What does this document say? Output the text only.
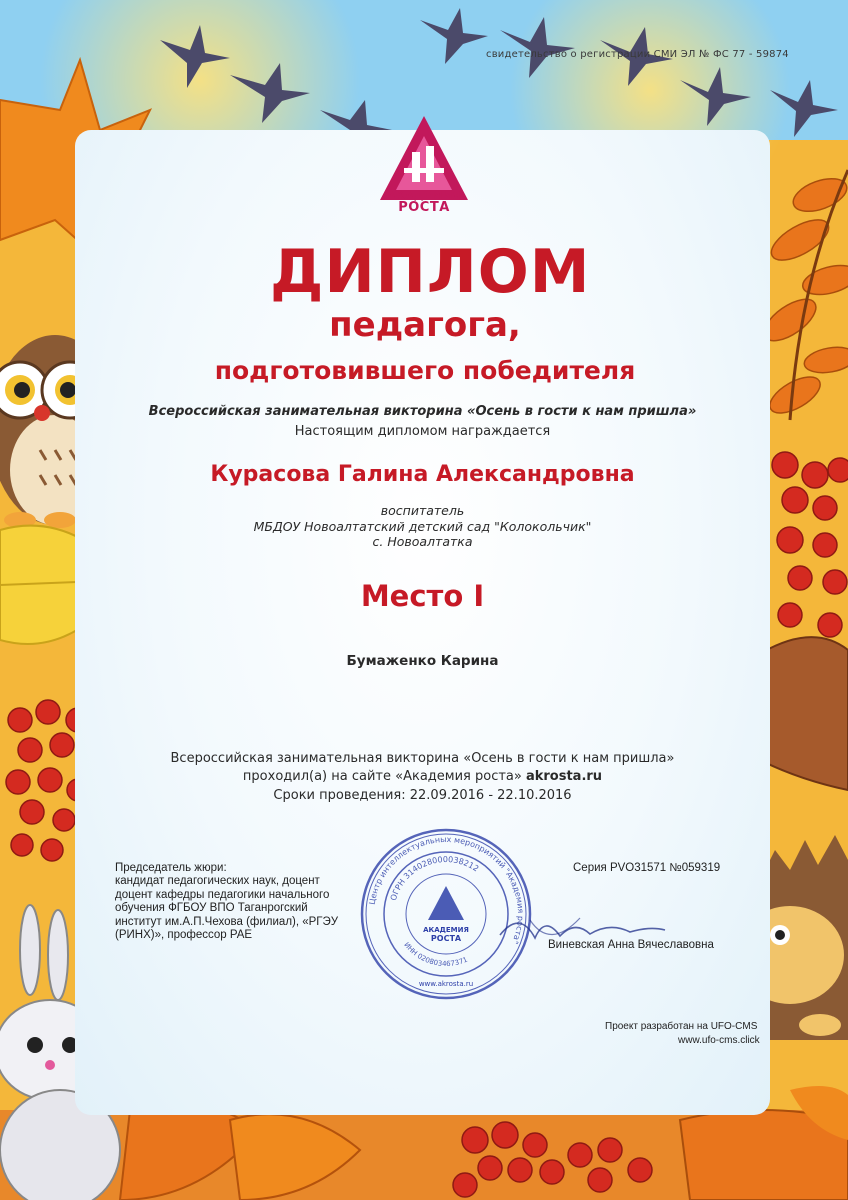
свидетельство о регистрации СМИ ЭЛ № ФС 77 - 59874
АКАДЕМИЯ
РОСТА
ДИПЛОМ
педагога,
подготовившего победителя
Всероссийская занимательная викторина «Осень в гости к нам пришла»
Настоящим дипломом награждается
Курасова Галина Александровна
воспитатель
МБДОУ Новоалтатский детский сад "Колокольчик"
с. Новоалтатка
Место I
Бумаженко Карина
Всероссийская занимательная викторина «Осень в гости к нам пришла»
проходил(а) на сайте «Академия роста» akrosta.ru
Сроки проведения: 22.09.2016 - 22.10.2016
Председатель жюри:
кандидат педагогических наук, доцент
доцент кафедры педагогики начального
обучения ФГБОУ ВПО Таганрогский
институт им.А.П.Чехова (филиал), «РГЭУ
(РИНХ)», профессор РАЕ
Серия PVO31571 №059319
Центр интеллектуальных мероприятий "Академия роста"
ОГРН 314028000038212
ИНН 020803467371
АКАДЕМИЯ
РОСТА
www.akrosta.ru
Виневская Анна Вячеславовна
Проект разработан на UFO-CMS
www.ufo-cms.click
